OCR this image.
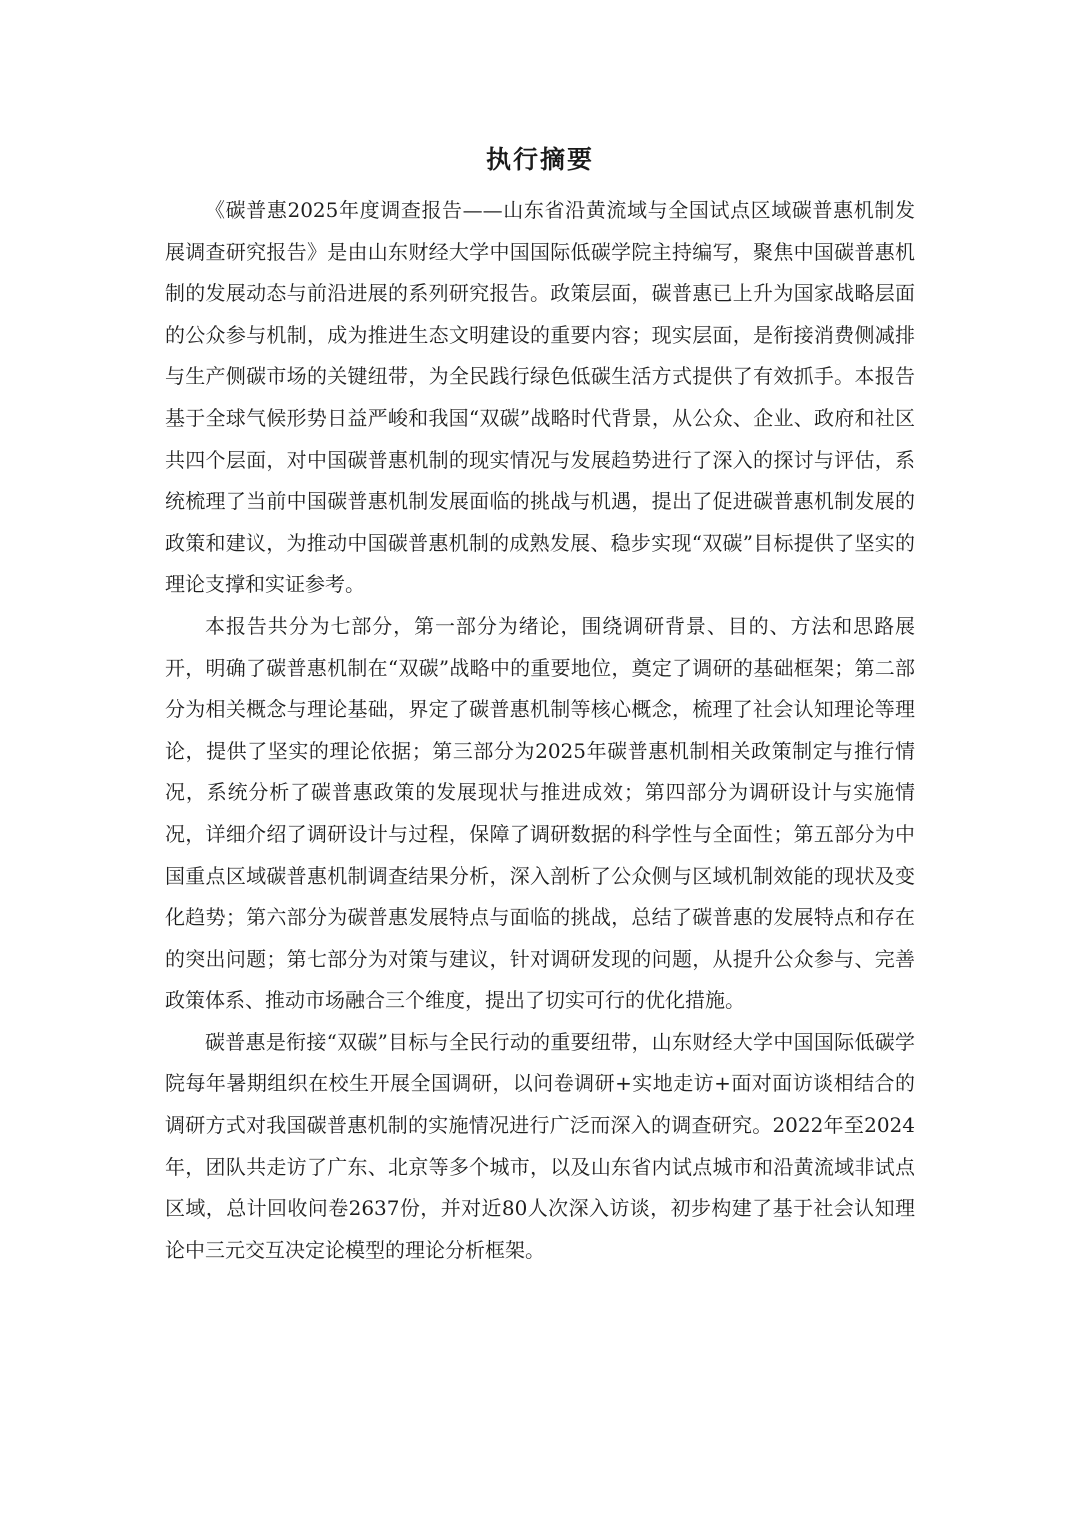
执行摘要

《碳普惠2025年度调查报告——山东省沿黄流域与全国试点区域碳普惠机制发展调查研究报告》是由山东财经大学中国国际低碳学院主持编写，聚焦中国碳普惠机制的发展动态与前沿进展的系列研究报告。政策层面，碳普惠已上升为国家战略层面的公众参与机制，成为推进生态文明建设的重要内容；现实层面，是衔接消费侧减排与生产侧碳市场的关键纽带，为全民践行绿色低碳生活方式提供了有效抓手。本报告基于全球气候形势日益严峻和我国“双碳”战略时代背景，从公众、企业、政府和社区共四个层面，对中国碳普惠机制的现实情况与发展趋势进行了深入的探讨与评估，系统梳理了当前中国碳普惠机制发展面临的挑战与机遇，提出了促进碳普惠机制发展的政策和建议，为推动中国碳普惠机制的成熟发展、稳步实现“双碳”目标提供了坚实的理论支撑和实证参考。

本报告共分为七部分，第一部分为绪论，围绕调研背景、目的、方法和思路展开，明确了碳普惠机制在“双碳”战略中的重要地位，奠定了调研的基础框架；第二部分为相关概念与理论基础，界定了碳普惠机制等核心概念，梳理了社会认知理论等理论，提供了坚实的理论依据；第三部分为2025年碳普惠机制相关政策制定与推行情况，系统分析了碳普惠政策的发展现状与推进成效；第四部分为调研设计与实施情况，详细介绍了调研设计与过程，保障了调研数据的科学性与全面性；第五部分为中国重点区域碳普惠机制调查结果分析，深入剖析了公众侧与区域机制效能的现状及变化趋势；第六部分为碳普惠发展特点与面临的挑战，总结了碳普惠的发展特点和存在的突出问题；第七部分为对策与建议，针对调研发现的问题，从提升公众参与、完善政策体系、推动市场融合三个维度，提出了切实可行的优化措施。

碳普惠是衔接“双碳”目标与全民行动的重要纽带，山东财经大学中国国际低碳学院每年暑期组织在校生开展全国调研，以问卷调研+实地走访+面对面访谈相结合的调研方式对我国碳普惠机制的实施情况进行广泛而深入的调查研究。2022年至2024年，团队共走访了广东、北京等多个城市，以及山东省内试点城市和沿黄流域非试点区域，总计回收问卷2637份，并对近80人次深入访谈，初步构建了基于社会认知理论中三元交互决定论模型的理论分析框架。
